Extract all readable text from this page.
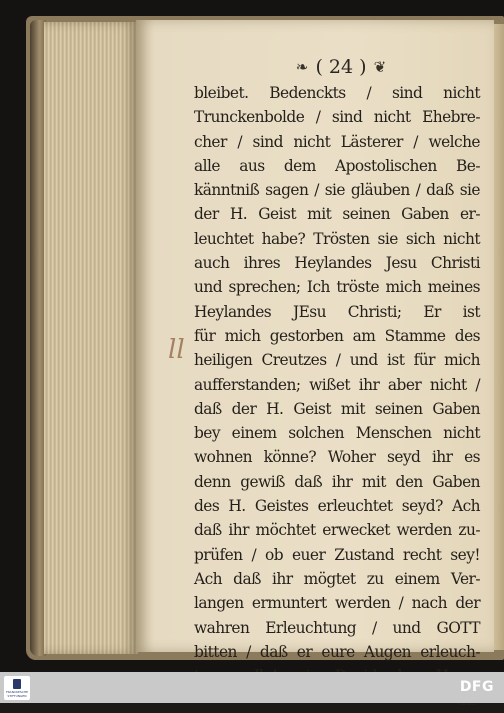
❧ ( 24 ) ❦
ll
bleibet. Bedenckts / sind nicht
Trunckenbolde / sind nicht Ehebre-
cher / sind nicht Lästerer / welche
alle aus dem Apostolischen Be-
känntniß sagen / sie gläuben / daß sie
der H. Geist mit seinen Gaben er-
leuchtet habe? Trösten sie sich nicht
auch ihres Heylandes Jesu Christi
und sprechen; Ich tröste mich meines
Heylandes JEsu Christi; Er ist
für mich gestorben am Stamme des
heiligen Creutzes / und ist für mich
aufferstanden; wißet ihr aber nicht /
daß der H. Geist mit seinen Gaben
bey einem solchen Menschen nicht
wohnen könne? Woher seyd ihr es
denn gewiß daß ihr mit den Gaben
des H. Geistes erleuchtet seyd? Ach
daß ihr möchtet erwecket werden zu-
prüfen / ob euer Zustand recht sey!
Ach daß ihr mögtet zu einem Ver-
langen ermuntert werden / nach der
wahren Erleuchtung / und GOTT
bitten / daß er eure Augen erleuch-
FRANCKESCHE STIFTUNGEN
DFG
